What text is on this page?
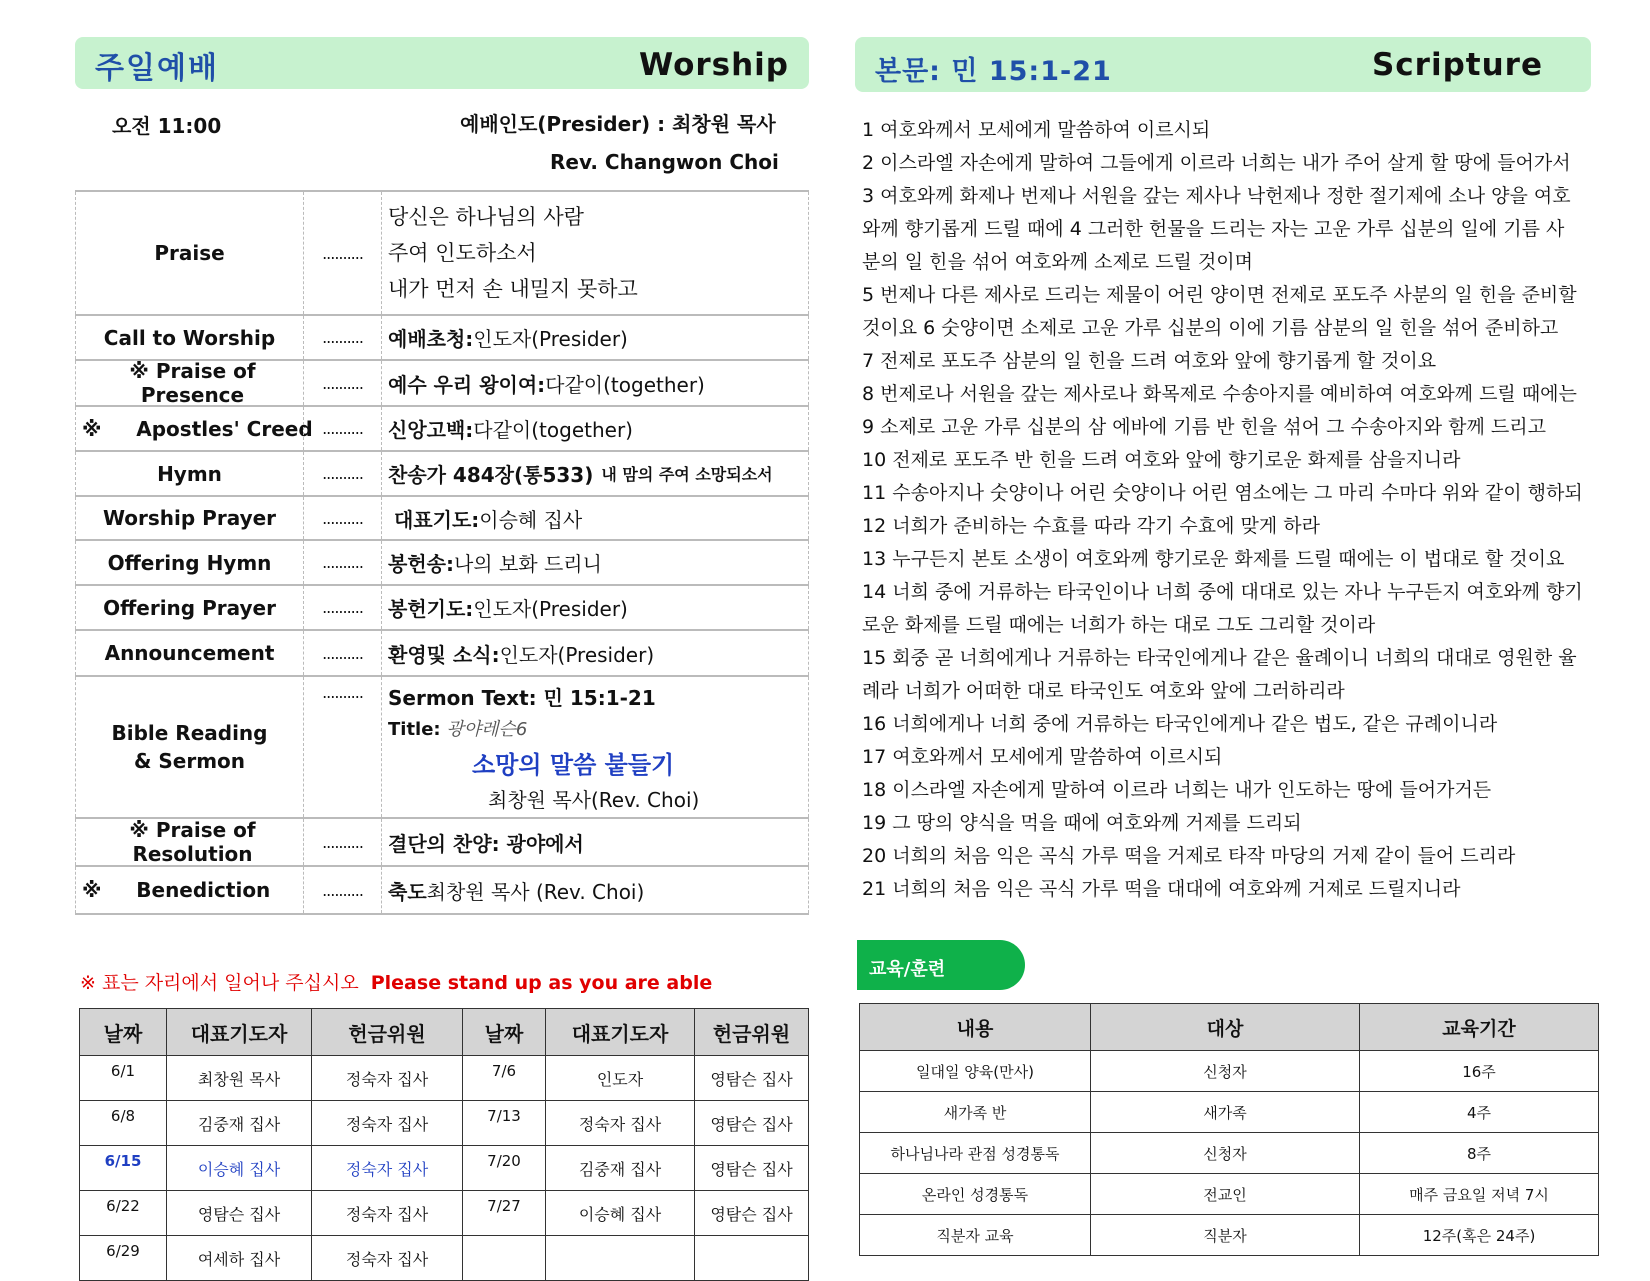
주일예배	Worship
오전 11:00	예배인도(Presider) : 최창원 목사
Rev. Changwon Choi
Praise	..........
당신은 하나님의 사람
주여 인도하소서
내가 먼저 손 내밀지 못하고
Call to Worship	..........	예배초청: 인도자(Presider)
※ Praise of Presence	..........	예수 우리 왕이여: 다같이(together)
※     Apostles' Creed ..........	신앙고백: 다같이(together)
Hymn	..........	찬송가 484장(통533) 내 맘의 주여 소망되소서
Worship Prayer	..........	대표기도: 이승혜 집사
Offering Hymn	..........	봉헌송: 나의 보화 드리니
Offering Prayer	..........	봉헌기도: 인도자(Presider)
Announcement	..........	환영및 소식: 인도자(Presider)
Bible Reading & Sermon
..........	Sermon Text: 민 15:1-21
Title: 광야레슨6
소망의 말씀 붙들기
최창원 목사(Rev. Choi)
※ Praise of Resolution	..........	결단의 찬양: 광야에서
※     Benediction	..........	축도 최창원 목사 (Rev. Choi)
※ 표는 자리에서 일어나 주십시오 Please stand up as you are able
날짜	대표기도자	헌금위원	날짜	대표기도자	헌금위원
6/1	최창원 목사	정숙자 집사	7/6	인도자	영탐슨 집사
6/8	김중재 집사	정숙자 집사	7/13	정숙자 집사	영탐슨 집사
6/15	이승혜 집사	정숙자 집사	7/20	김중재 집사	영탐슨 집사
6/22	영탐슨 집사	정숙자 집사	7/27	이승혜 집사	영탐슨 집사
6/29	여세하 집사	정숙자 집사			
본문: 민 15:1-21	Scripture
1 여호와께서 모세에게 말씀하여 이르시되
2 이스라엘 자손에게 말하여 그들에게 이르라 너희는 내가 주어 살게 할 땅에 들어가서
3 여호와께 화제나 번제나 서원을 갚는 제사나 낙헌제나 정한 절기제에 소나 양을 여호
와께 향기롭게 드릴 때에 4 그러한 헌물을 드리는 자는 고운 가루 십분의 일에 기름 사
분의 일 힌을 섞어 여호와께 소제로 드릴 것이며
5 번제나 다른 제사로 드리는 제물이 어린 양이면 전제로 포도주 사분의 일 힌을 준비할
것이요 6 숫양이면 소제로 고운 가루 십분의 이에 기름 삼분의 일 힌을 섞어 준비하고
7 전제로 포도주 삼분의 일 힌을 드려 여호와 앞에 향기롭게 할 것이요
8 번제로나 서원을 갚는 제사로나 화목제로 수송아지를 예비하여 여호와께 드릴 때에는
9 소제로 고운 가루 십분의 삼 에바에 기름 반 힌을 섞어 그 수송아지와 함께 드리고
10 전제로 포도주 반 힌을 드려 여호와 앞에 향기로운 화제를 삼을지니라
11 수송아지나 숫양이나 어린 숫양이나 어린 염소에는 그 마리 수마다 위와 같이 행하되
12 너희가 준비하는 수효를 따라 각기 수효에 맞게 하라
13 누구든지 본토 소생이 여호와께 향기로운 화제를 드릴 때에는 이 법대로 할 것이요
14 너희 중에 거류하는 타국인이나 너희 중에 대대로 있는 자나 누구든지 여호와께 향기
로운 화제를 드릴 때에는 너희가 하는 대로 그도 그리할 것이라
15 회중 곧 너희에게나 거류하는 타국인에게나 같은 율례이니 너희의 대대로 영원한 율
례라 너희가 어떠한 대로 타국인도 여호와 앞에 그러하리라
16 너희에게나 너희 중에 거류하는 타국인에게나 같은 법도, 같은 규례이니라
17 여호와께서 모세에게 말씀하여 이르시되
18 이스라엘 자손에게 말하여 이르라 너희는 내가 인도하는 땅에 들어가거든
19 그 땅의 양식을 먹을 때에 여호와께 거제를 드리되
20 너희의 처음 익은 곡식 가루 떡을 거제로 타작 마당의 거제 같이 들어 드리라
21 너희의 처음 익은 곡식 가루 떡을 대대에 여호와께 거제로 드릴지니라
교육/훈련
내용	대상	교육기간
일대일 양육(만사)	신청자	16주
새가족 반	새가족	4주
하나님나라 관점 성경통독	신청자	8주
온라인 성경통독	전교인	매주 금요일 저녁 7시
직분자 교육	직분자	12주(혹은 24주)
